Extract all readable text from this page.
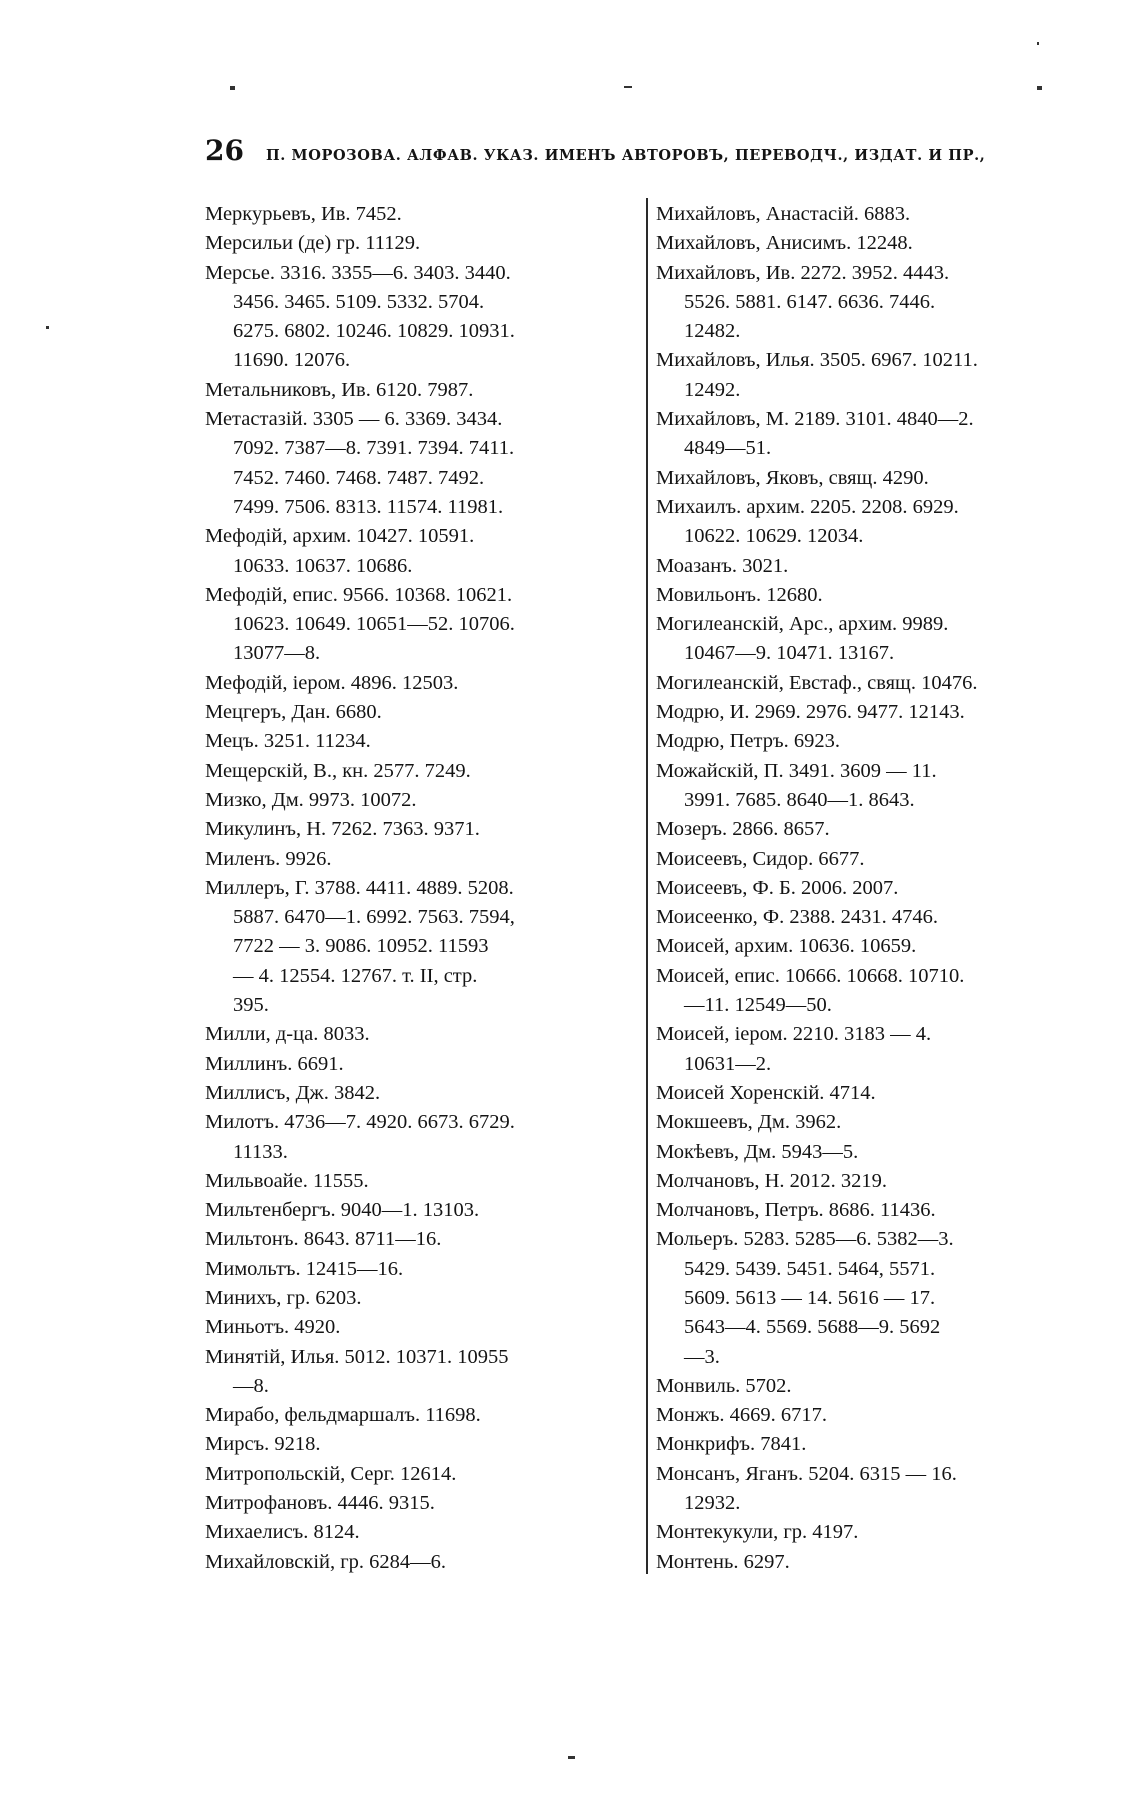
26 П. МОРОЗОВА. АЛФАВ. УКАЗ. ИМЕНЪ АВТОРОВЪ, ПЕРЕВОДЧ., ИЗДАТ. И ПР.,
Меркурьевъ, Ив. 7452.
Мерсильи (де) гр. 11129.
Мерсье. 3316. 3355—6. 3403. 3440.
3456. 3465. 5109. 5332. 5704.
6275. 6802. 10246. 10829. 10931.
11690. 12076.
Метальниковъ, Ив. 6120. 7987.
Метастазій. 3305 — 6. 3369. 3434.
7092. 7387—8. 7391. 7394. 7411.
7452. 7460. 7468. 7487. 7492.
7499. 7506. 8313. 11574. 11981.
Мефодій, архим. 10427. 10591.
10633. 10637. 10686.
Мефодій, епис. 9566. 10368. 10621.
10623. 10649. 10651—52. 10706.
13077—8.
Мефодій, іером. 4896. 12503.
Мецгеръ, Дан. 6680.
Мецъ. 3251. 11234.
Мещерскій, В., кн. 2577. 7249.
Мизко, Дм. 9973. 10072.
Микулинъ, Н. 7262. 7363. 9371.
Миленъ. 9926.
Миллеръ, Г. 3788. 4411. 4889. 5208.
5887. 6470—1. 6992. 7563. 7594,
7722 — 3. 9086. 10952. 11593
— 4. 12554. 12767. т. II, стр.
395.
Милли, д-ца. 8033.
Миллинъ. 6691.
Миллисъ, Дж. 3842.
Милотъ. 4736—7. 4920. 6673. 6729.
11133.
Мильвоайе. 11555.
Мильтенбергъ. 9040—1. 13103.
Мильтонъ. 8643. 8711—16.
Мимольтъ. 12415—16.
Минихъ, гр. 6203.
Миньотъ. 4920.
Минятій, Илья. 5012. 10371. 10955
—8.
Мирабо, фельдмаршалъ. 11698.
Мирсъ. 9218.
Митропольскій, Серг. 12614.
Митрофановъ. 4446. 9315.
Михаелисъ. 8124.
Михайловскій, гр. 6284—6.
Михайловъ, Анастасій. 6883.
Михайловъ, Анисимъ. 12248.
Михайловъ, Ив. 2272. 3952. 4443.
5526. 5881. 6147. 6636. 7446.
12482.
Михайловъ, Илья. 3505. 6967. 10211.
12492.
Михайловъ, М. 2189. 3101. 4840—2.
4849—51.
Михайловъ, Яковъ, свящ. 4290.
Михаилъ. архим. 2205. 2208. 6929.
10622. 10629. 12034.
Моазанъ. 3021.
Мовильонъ. 12680.
Могилеанскій, Арс., архим. 9989.
10467—9. 10471. 13167.
Могилеанскій, Евстаф., свящ. 10476.
Модрю, И. 2969. 2976. 9477. 12143.
Модрю, Петръ. 6923.
Можайскій, П. 3491. 3609 — 11.
3991. 7685. 8640—1. 8643.
Мозеръ. 2866. 8657.
Моисеевъ, Сидор. 6677.
Моисеевъ, Ф. Б. 2006. 2007.
Моисеенко, Ф. 2388. 2431. 4746.
Моисей, архим. 10636. 10659.
Моисей, епис. 10666. 10668. 10710.
—11. 12549—50.
Моисей, іером. 2210. 3183 — 4.
10631—2.
Моисей Хоренскій. 4714.
Мокшеевъ, Дм. 3962.
Мокѣевъ, Дм. 5943—5.
Молчановъ, Н. 2012. 3219.
Молчановъ, Петръ. 8686. 11436.
Мольеръ. 5283. 5285—6. 5382—3.
5429. 5439. 5451. 5464, 5571.
5609. 5613 — 14. 5616 — 17.
5643—4. 5569. 5688—9. 5692
—3.
Монвиль. 5702.
Монжъ. 4669. 6717.
Монкрифъ. 7841.
Монсанъ, Яганъ. 5204. 6315 — 16.
12932.
Монтекукули, гр. 4197.
Монтень. 6297.
